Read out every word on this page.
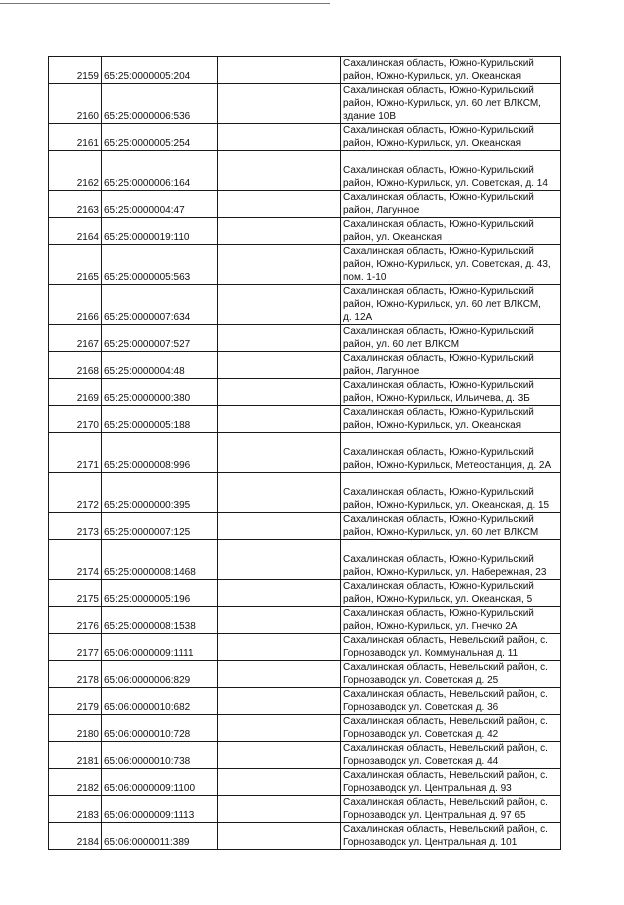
2159	65:25:0000005:204		Сахалинская область, Южно-Курильский
район, Южно-Курильск, ул. Океанская

2160	65:25:0000006:536		Сахалинская область, Южно-Курильский
район, Южно-Курильск, ул. 60 лет ВЛКСМ,
здание 10В

2161	65:25:0000005:254		Сахалинская область, Южно-Курильский
район, Южно-Курильск, ул. Океанская

2162	65:25:0000006:164		Сахалинская область, Южно-Курильский
район, Южно-Курильск, ул. Советская, д. 14

2163	65:25:0000004:47		Сахалинская область, Южно-Курильский
район, Лагунное

2164	65:25:0000019:110		Сахалинская область, Южно-Курильский
район, ул. Океанская

2165	65:25:0000005:563		Сахалинская область, Южно-Курильский
район, Южно-Курильск, ул. Советская, д. 43,
пом. 1-10

2166	65:25:0000007:634		Сахалинская область, Южно-Курильский
район, Южно-Курильск, ул. 60 лет ВЛКСМ,
д. 12А

2167	65:25:0000007:527		Сахалинская область, Южно-Курильский
район, ул. 60 лет ВЛКСМ

2168	65:25:0000004:48		Сахалинская область, Южно-Курильский
район, Лагунное

2169	65:25:0000000:380		Сахалинская область, Южно-Курильский
район, Южно-Курильск, Ильичева, д. 3Б

2170	65:25:0000005:188		Сахалинская область, Южно-Курильский
район, Южно-Курильск, ул. Океанская

2171	65:25:0000008:996		Сахалинская область, Южно-Курильский
район, Южно-Курильск, Метеостанция, д. 2А

2172	65:25:0000000:395		Сахалинская область, Южно-Курильский
район, Южно-Курильск, ул. Океанская, д. 15

2173	65:25:0000007:125		Сахалинская область, Южно-Курильский
район, Южно-Курильск, ул. 60 лет ВЛКСМ

2174	65:25:0000008:1468		Сахалинская область, Южно-Курильский
район, Южно-Курильск, ул. Набережная, 23

2175	65:25:0000005:196		Сахалинская область, Южно-Курильский
район, Южно-Курильск, ул. Океанская, 5

2176	65:25:0000008:1538		Сахалинская область, Южно-Курильский
район, Южно-Курильск, ул. Гнечко 2А

2177	65:06:0000009:1111		Сахалинская область, Невельский район, с.
Горнозаводск ул. Коммунальная д. 11

2178	65:06:0000006:829		Сахалинская область, Невельский район, с.
Горнозаводск ул. Советская д. 25

2179	65:06:0000010:682		Сахалинская область, Невельский район, с.
Горнозаводск ул. Советская д. 36

2180	65:06:0000010:728		Сахалинская область, Невельский район, с.
Горнозаводск ул. Советская д. 42

2181	65:06:0000010:738		Сахалинская область, Невельский район, с.
Горнозаводск ул. Советская д. 44

2182	65:06:0000009:1100		Сахалинская область, Невельский район, с.
Горнозаводск ул. Центральная д. 93

2183	65:06:0000009:1113		Сахалинская область, Невельский район, с.
Горнозаводск ул. Центральная д. 97 65

2184	65:06:0000011:389		Сахалинская область, Невельский район, с.
Горнозаводск ул. Центральная д. 101
